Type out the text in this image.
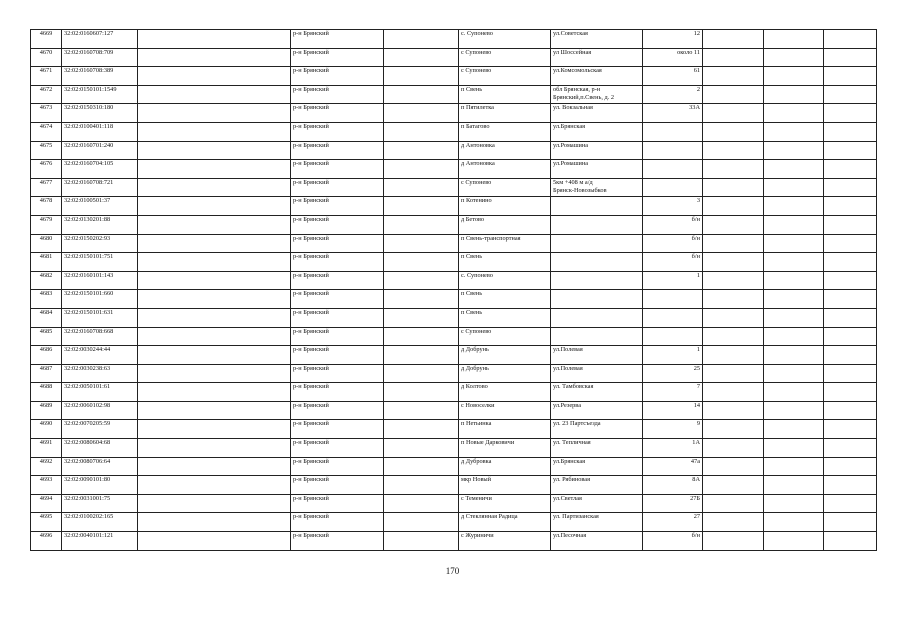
4669	32:02:0160607:127		р-н Брянский		с. Супонево	ул.Советская	12			
4670	32:02:0160708:709		р-н Брянский		с Супонево	ул Шоссейная	около 11			
4671	32:02:0160708:389		р-н Брянский		с Супонево	ул.Комсомольская	61			
4672	32:02:0150101:1549		р-н Брянский		п Свень	обл Брянская, р-н
Брянский,п.Свень, д. 2	2			
4673	32:02:0150310:180		р-н Брянский		п Пятилетка	ул. Вокзальная	33А			
4674	32:02:0100401:118		р-н Брянский		п Батагово	ул.Брянская				

4675	32:02:0160701:240		р-н Брянский		д Антоновка	ул.Ромашина				

4676	32:02:0160704:105		р-н Брянский		д Антоновка	ул.Ромашина				

4677	32:02:0160708:721		р-н Брянский		с Супонево	5км +408 м а/д
Брянск-Новозыбков				

4678	32:02:0100501:37		р-н Брянский		п Котенино		3			
4679	32:02:0130201:88		р-н Брянский		д Бетово		б/н			
4680	32:02:0150202:93		р-н Брянский		п Свень-транспортная		б/н			
4681	32:02:0150101:751		р-н Брянский		п Свень		б/н			
4682	32:02:0160101:143		р-н Брянский		с. Супонево		1			
4683	32:02:0150101:660		р-н Брянский		п Свень	

4684	32:02:0150101:631		р-н Брянский		п Свень	

4685	32:02:0160708:668		р-н Брянский		с Супонево	

4686	32:02:0030244:44		р-н Брянский		д Добрунь	ул.Полевая	1			
4687	32:02:0030238:63		р-н Брянский		д Добрунь	ул.Полевая	25			
4688	32:02:0050101:61		р-н Брянский		д Колтово	ул. Тамбовская	7			
4689	32:02:0060102:98		р-н Брянский		с Новоселки	ул.Резерва	14			
4690	32:02:0070205:59		р-н Брянский		п Нетьинка	ул. 23 Партсъезда	9			
4691	32:02:0080604:68		р-н Брянский		п Новые Дарковичи	ул. Тепличная	1А			
4692	32:02:0080706:64		р-н Брянский		д Дубровка	ул.Брянская	47а			
4693	32:02:0090101:80		р-н Брянский		мкр Новый	ул. Рябиновая	8А			
4694	32:02:0031001:75		р-н Брянский		с Теменичи	ул.Светлая	27Б			
4695	32:02:0100202:165		р-н Брянский		д Стеклянная Радица	ул. Партизанская	27			
4696	32:02:0040101:121		р-н Брянский		с Журиничи	ул.Песочная	б/н			
170
